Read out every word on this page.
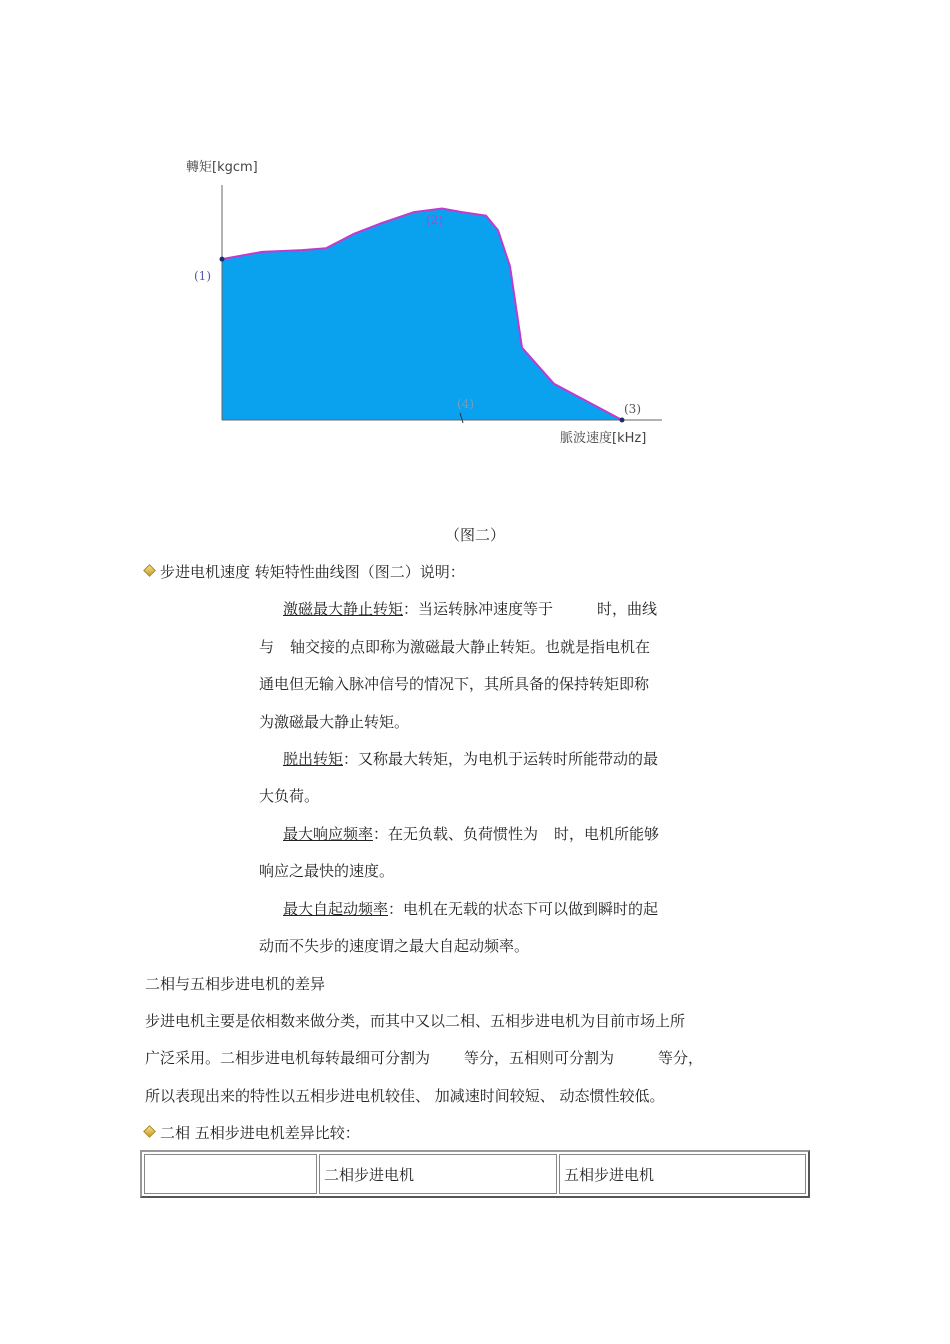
轉矩[kgcm]
脈波速度[kHz]
(1)
(2)
(3)
(4)
（图二）
步进电机速度 转矩特性曲线图（图二）说明：
激磁最大静止转矩：当运转脉冲速度等于	时，曲线
与 轴交接的点即称为激磁最大静止转矩。也就是指电机在
通电但无输入脉冲信号的情况下，其所具备的保持转矩即称
为激磁最大静止转矩。
脱出转矩：又称最大转矩，为电机于运转时所能带动的最
大负荷。
最大响应频率：在无负载、负荷惯性为 时，电机所能够
响应之最快的速度。
最大自起动频率：电机在无载的状态下可以做到瞬时的起
动而不失步的速度谓之最大自起动频率。
二相与五相步进电机的差异
步进电机主要是依相数来做分类，而其中又以二相、五相步进电机为目前市场上所
广泛采用。二相步进电机每转最细可分割为 等分，五相则可分割为	等分，
所以表现出来的特性以五相步进电机较佳、 加减速时间较短、 动态惯性较低。
二相 五相步进电机差异比较：
	二相步进电机	五相步进电机
